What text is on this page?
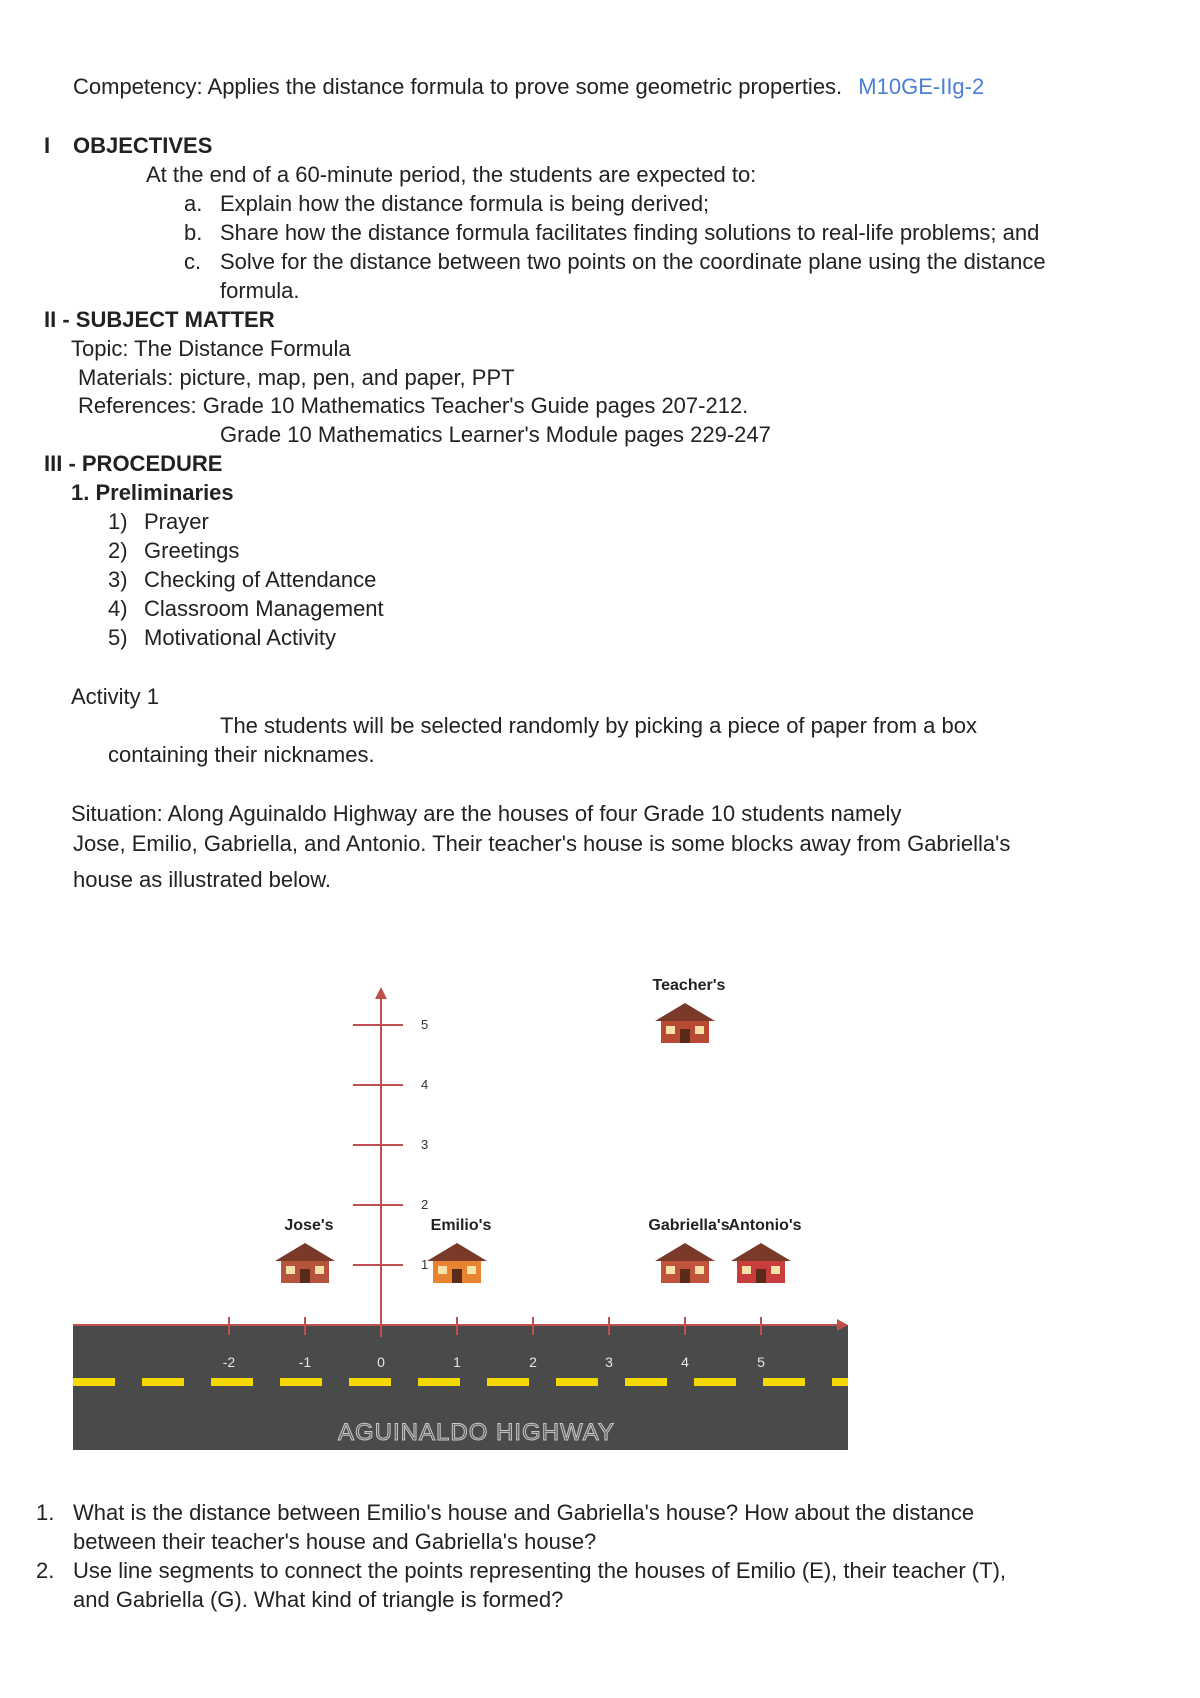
Competency: Applies the distance formula to prove some geometric properties. M10GE-IIg-2
I OBJECTIVES
At the end of a 60-minute period, the students are expected to:
a. Explain how the distance formula is being derived;
b. Share how the distance formula facilitates finding solutions to real-life problems; and
c. Solve for the distance between two points on the coordinate plane using the distance
formula.
II - SUBJECT MATTER
Topic: The Distance Formula
Materials: picture, map, pen, and paper, PPT
References: Grade 10 Mathematics Teacher's Guide pages 207-212.
Grade 10 Mathematics Learner's Module pages 229-247
III - PROCEDURE
1. Preliminaries
1) Prayer
2) Greetings
3) Checking of Attendance
4) Classroom Management
5) Motivational Activity
Activity 1
The students will be selected randomly by picking a piece of paper from a box
containing their nicknames.
Situation: Along Aguinaldo Highway are the houses of four Grade 10 students namely
Jose, Emilio, Gabriella, and Antonio. Their teacher's house is some blocks away from Gabriella's
house as illustrated below.
AGUINALDO HIGHWAY
-2	-1	0	1	2	3	4	5
1
2
3
4
5
Jose's	Emilio's	Gabriella's
Antonio's
Teacher's
1. What is the distance between Emilio's house and Gabriella's house? How about the distance
between their teacher's house and Gabriella's house?
2. Use line segments to connect the points representing the houses of Emilio (E), their teacher (T),
and Gabriella (G). What kind of triangle is formed?
